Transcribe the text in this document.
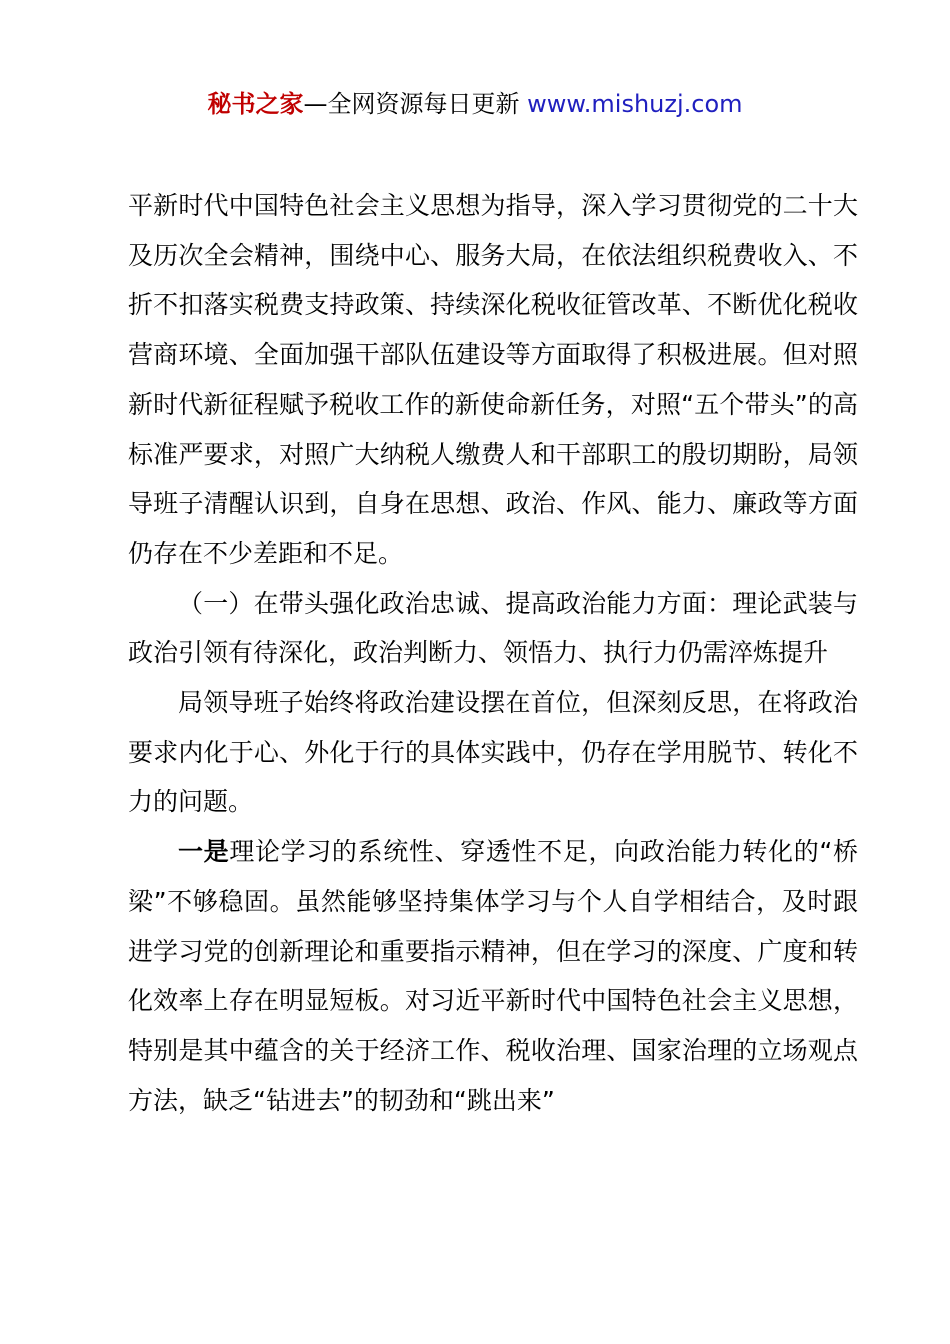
秘书之家—全网资源每日更新 www.mishuzj.com

平新时代中国特色社会主义思想为指导，深入学习贯彻党的二十大及历次全会精神，围绕中心、服务大局，在依法组织税费收入、不折不扣落实税费支持政策、持续深化税收征管改革、不断优化税收营商环境、全面加强干部队伍建设等方面取得了积极进展。但对照新时代新征程赋予税收工作的新使命新任务，对照“五个带头”的高标准严要求，对照广大纳税人缴费人和干部职工的殷切期盼，局领导班子清醒认识到，自身在思想、政治、作风、能力、廉政等方面仍存在不少差距和不足。

（一）在带头强化政治忠诚、提高政治能力方面：理论武装与政治引领有待深化，政治判断力、领悟力、执行力仍需淬炼提升

局领导班子始终将政治建设摆在首位，但深刻反思，在将政治要求内化于心、外化于行的具体实践中，仍存在学用脱节、转化不力的问题。

一是理论学习的系统性、穿透性不足，向政治能力转化的“桥梁”不够稳固。虽然能够坚持集体学习与个人自学相结合，及时跟进学习党的创新理论和重要指示精神，但在学习的深度、广度和转化效率上存在明显短板。对习近平新时代中国特色社会主义思想，特别是其中蕴含的关于经济工作、税收治理、国家治理的立场观点方法，缺乏“钻进去”的韧劲和“跳出来”
